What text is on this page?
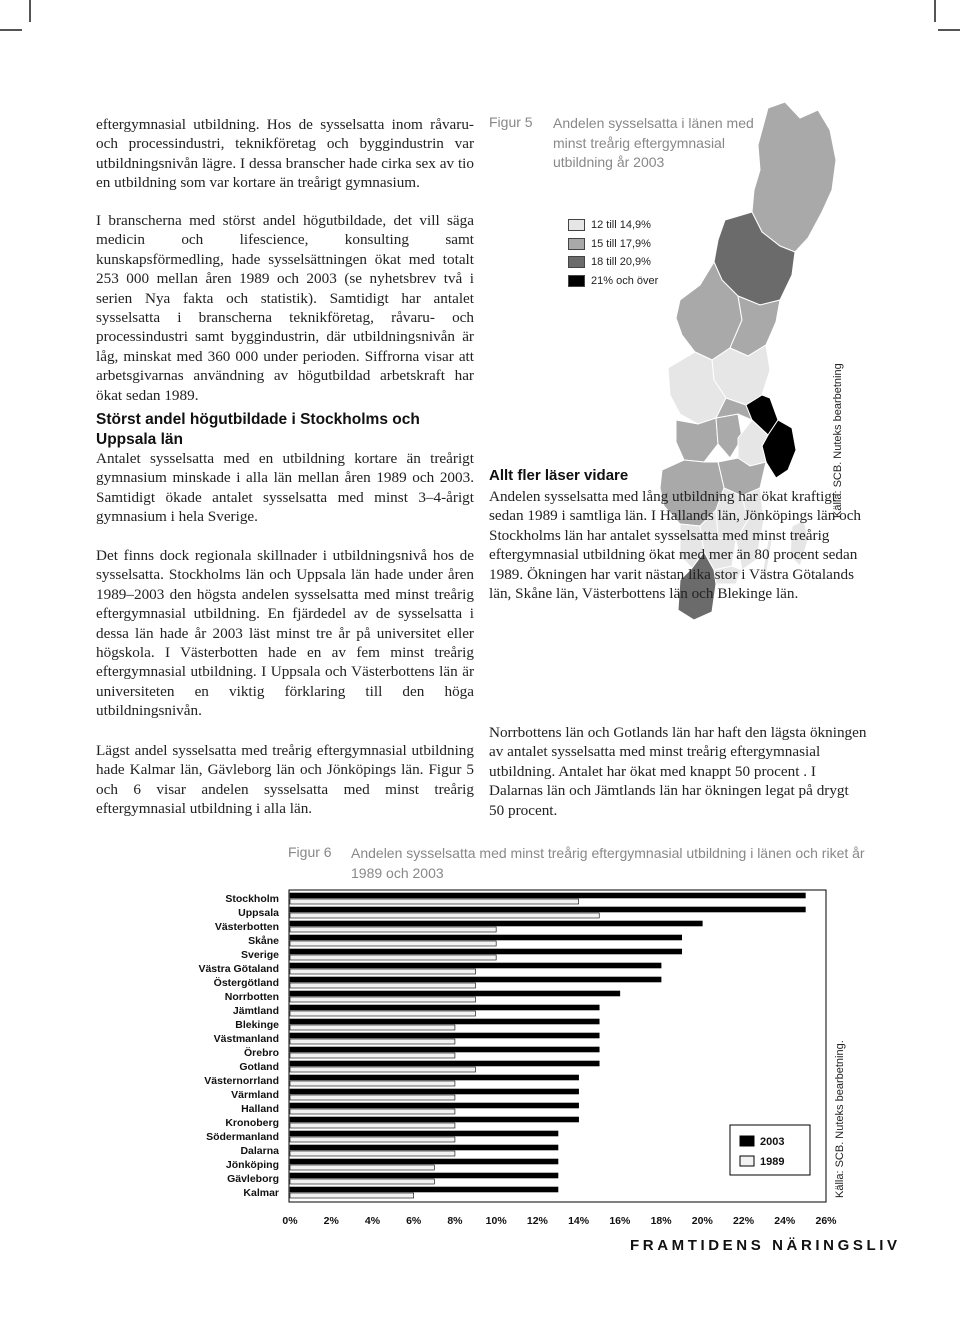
eftergymnasial utbildning. Hos de sysselsatta inom råvaru- och processindustri, teknikföretag och byggindustrin var utbildningsnivån lägre. I dessa branscher hade cirka sex av tio en utbildning som var kortare än treårigt gymnasium.

I branscherna med störst andel högutbildade, det vill säga medicin och lifescience, konsulting samt kunskapsförmedling, hade sysselsättningen ökat med totalt 253 000 mellan åren 1989 och 2003 (se nyhetsbrev två i serien Nya fakta och statistik). Samtidigt har antalet sysselsatta i branscherna teknikföretag, råvaru- och processindustri samt byggindustrin, där utbildningsnivån är låg, minskat med 360 000 under perioden. Siffrorna visar att arbetsgivarnas användning av högutbildad arbetskraft har ökat sedan 1989.

Störst andel högutbildade i Stockholms och Uppsala län

Antalet sysselsatta med en utbildning kortare än treårigt gymnasium minskade i alla län mellan åren 1989 och 2003. Samtidigt ökade antalet sysselsatta med minst 3–4-årigt gymnasium i hela Sverige.

Det finns dock regionala skillnader i utbildningsnivå hos de sysselsatta. Stockholms län och Uppsala län hade under åren 1989–2003 den högsta andelen sysselsatta med minst treårig eftergymnasial utbildning. En fjärdedel av de sysselsatta i dessa län hade år 2003 läst minst tre år på universitet eller högskola. I Västerbotten hade en av fem minst treårig eftergymnasial utbildning. I Uppsala och Västerbottens län är universiteten en viktig förklaring till den höga utbildningsnivån.

Lägst andel sysselsatta med treårig eftergymnasial utbildning hade Kalmar län, Gävleborg län och Jönköpings län. Figur 5 och 6 visar andelen sysselsatta med minst treårig eftergymnasial utbildning i alla län.

Figur 5 Andelen sysselsatta i länen med minst treårig eftergymnasial utbildning år 2003
12 till 14,9%
15 till 17,9%
18 till 20,9%
21% och över
Källa: SCB. Nuteks bearbetning
Allt fler läser vidare

Andelen sysselsatta med lång utbildning har ökat kraftigt sedan 1989 i samtliga län. I Hallands län, Jönköpings län och Stockholms län har antalet sysselsatta med minst treårig eftergymnasial utbildning ökat med mer än 80 procent sedan 1989. Ökningen har varit nästan lika stor i Västra Götalands län, Skåne län, Västerbottens län och Blekinge län.

Norrbottens län och Gotlands län har haft den lägsta ökningen av antalet sysselsatta med minst treårig eftergymnasial utbildning. Antalet har ökat med knappt 50 procent . I Dalarnas län och Jämtlands län har ökningen legat på drygt 50 procent.

Figur 6 Andelen sysselsatta med minst treårig eftergymnasial utbildning i länen och riket år 1989 och 2003
Stockholm
Uppsala
Västerbotten
Skåne
Sverige
Västra Götaland
Östergötland
Norrbotten
Jämtland
Blekinge
Västmanland
Örebro
Gotland
Västernorrland
Värmland
Halland
Kronoberg
Södermanland
Dalarna
Jönköping
Gävleborg
Kalmar
0% 2% 4% 6% 8% 10% 12% 14% 16% 18% 20% 22% 24% 26%
2003
1989	Källa: SCB. Nuteks bearbetning.
FRAMTIDENS NÄRINGSLIV
